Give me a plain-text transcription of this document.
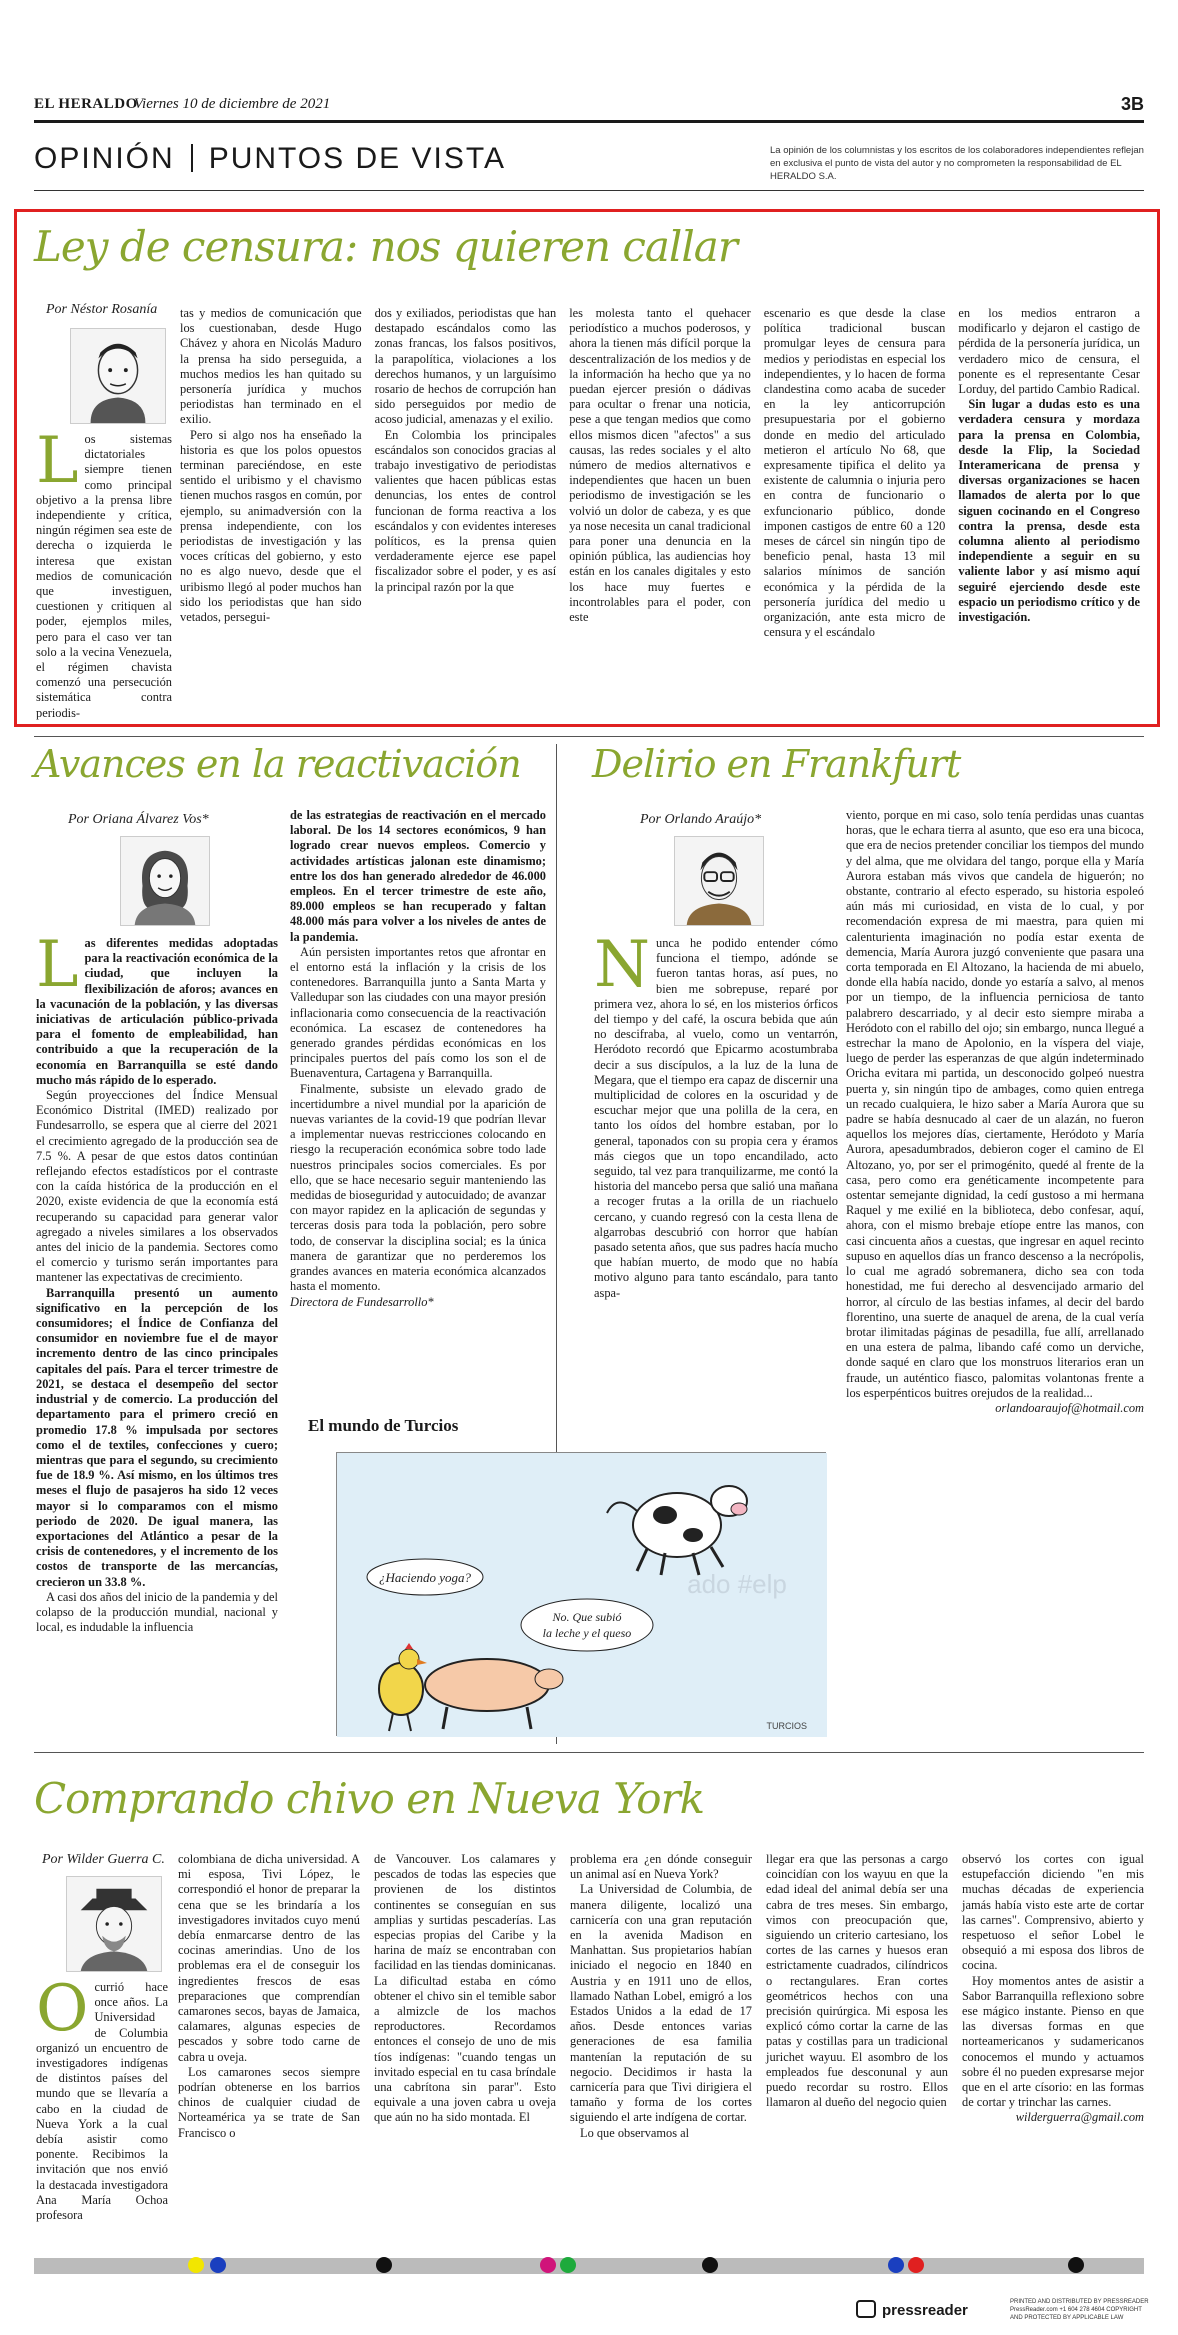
EL HERALDO
Viernes 10 de diciembre de 2021	3B
OPINIÓN PUNTOS DE VISTA	La opinión de los columnistas y los escritos de los colaboradores independientes reflejan en exclusiva el punto de vista del autor y no comprometen la responsabilidad de EL HERALDO S.A.
Ley de censura: nos quieren callar
Por Néstor Rosanía
L os sistemas dictatoriales siempre tienen como principal objetivo a la prensa libre independiente y crítica, ningún régimen sea este de derecha o izquierda le interesa que existan medios de comunicación que investiguen, cuestionen y critiquen al poder, ejemplos miles, pero para el caso ver tan solo a la vecina Venezuela, el régimen chavista comenzó una persecución sistemática contra periodis-

tas y medios de comunicación que los cuestionaban, desde Hugo Chávez y ahora en Nicolás Maduro la prensa ha sido perseguida, a muchos medios les han quitado su personería jurídica y muchos periodistas han terminado en el exilio.

Pero si algo nos ha enseñado la historia es que los polos opuestos terminan pareciéndose, en este sentido el uribismo y el chavismo tienen muchos rasgos en común, por ejemplo, su animadversión con la prensa independiente, con los periodistas de investigación y las voces críticas del gobierno, y esto no es algo nuevo, desde que el uribismo llegó al poder muchos han sido los periodistas que han sido vetados, persegui-

dos y exiliados, periodistas que han destapado escándalos como las zonas francas, los falsos positivos, la parapolítica, violaciones a los derechos humanos, y un larguísimo rosario de hechos de corrupción han sido perseguidos por medio de acoso judicial, amenazas y el exilio.

En Colombia los principales escándalos son conocidos gracias al trabajo investigativo de periodistas valientes que hacen públicas estas denuncias, los entes de control funcionan de forma reactiva a los escándalos y con evidentes intereses políticos, es la prensa quien verdaderamente ejerce ese papel fiscalizador sobre el poder, y es así la principal razón por la que

les molesta tanto el quehacer periodístico a muchos poderosos, y ahora la tienen más difícil porque la descentralización de los medios y de la información ha hecho que ya no puedan ejercer presión o dádivas para ocultar o frenar una noticia, pese a que tengan medios que como ellos mismos dicen "afectos" a sus causas, las redes sociales y el alto número de medios alternativos e independientes que hacen un buen periodismo de investigación se les volvió un dolor de cabeza, y es que ya nose necesita un canal tradicional para poner una denuncia en la opinión pública, las audiencias hoy están en los canales digitales y esto los hace muy fuertes e incontrolables para el poder, con este

escenario es que desde la clase política tradicional buscan promulgar leyes de censura para medios y periodistas en especial los independientes, y lo hacen de forma clandestina como acaba de suceder en la ley anticorrupción presupuestaria por el gobierno donde en medio del articulado metieron el artículo No 68, que expresamente tipifica el delito ya existente de calumnia o injuria pero en contra de funcionario o exfuncionario público, donde imponen castigos de entre 60 a 120 meses de cárcel sin ningún tipo de beneficio penal, hasta 13 mil salarios mínimos de sanción económica y la pérdida de la personería jurídica del medio u organización, ante esta micro de censura y el escándalo

en los medios entraron a modificarlo y dejaron el castigo de pérdida de la personería jurídica, un verdadero mico de censura, el ponente es el representante Cesar Lorduy, del partido Cambio Radical.

Sin lugar a dudas esto es una verdadera censura y mordaza para la prensa en Colombia, desde la Flip, la Sociedad Interamericana de prensa y diversas organizaciones se hacen llamados de alerta por lo que siguen cocinando en el Congreso contra la prensa, desde esta columna aliento al periodismo independiente a seguir en su valiente labor y así mismo aquí seguiré ejerciendo desde este espacio un periodismo crítico y de investigación.

Avances en la reactivación
Por Oriana Álvarez Vos*
L as diferentes medidas adoptadas para la reactivación económica de la ciudad, que incluyen la flexibilización de aforos; avances en la vacunación de la población, y las diversas iniciativas de articulación público-privada para el fomento de empleabilidad, han contribuido a que la recuperación de la economía en Barranquilla se esté dando mucho más rápido de lo esperado.

Según proyecciones del Índice Mensual Económico Distrital (IMED) realizado por Fundesarrollo, se espera que al cierre del 2021 el crecimiento agregado de la producción sea de 7.5 %. A pesar de que estos datos continúan reflejando efectos estadísticos por el contraste con la caída histórica de la producción en el 2020, existe evidencia de que la economía está recuperando su capacidad para generar valor agregado a niveles similares a los observados antes del inicio de la pandemia. Sectores como el comercio y turismo serán importantes para mantener las expectativas de crecimiento.

Barranquilla presentó un aumento significativo en la percepción de los consumidores; el Índice de Confianza del consumidor en noviembre fue el de mayor incremento dentro de las cinco principales capitales del país. Para el tercer trimestre de 2021, se destaca el desempeño del sector industrial y de comercio. La producción del departamento para el primero creció en promedio 17.8 % impulsada por sectores como el de textiles, confecciones y cuero; mientras que para el segundo, su crecimiento fue de 18.9 %. Así mismo, en los últimos tres meses el flujo de pasajeros ha sido 12 veces mayor si lo comparamos con el mismo periodo de 2020. De igual manera, las exportaciones del Atlántico a pesar de la crisis de contenedores, y el incremento de los costos de transporte de las mercancías, crecieron un 33.8 %.

A casi dos años del inicio de la pandemia y del colapso de la producción mundial, nacional y local, es indudable la influencia

de las estrategias de reactivación en el mercado laboral. De los 14 sectores económicos, 9 han logrado crear nuevos empleos. Comercio y actividades artísticas jalonan este dinamismo; entre los dos han generado alrededor de 46.000 empleos. En el tercer trimestre de este año, 89.000 empleos se han recuperado y faltan 48.000 más para volver a los niveles de antes de la pandemia.

Aún persisten importantes retos que afrontar en el entorno está la inflación y la crisis de los contenedores. Barranquilla junto a Santa Marta y Valledupar son las ciudades con una mayor presión inflacionaria como consecuencia de la reactivación económica. La escasez de contenedores ha generado grandes pérdidas económicas en los principales puertos del país como los son el de Buenaventura, Cartagena y Barranquilla.

Finalmente, subsiste un elevado grado de incertidumbre a nivel mundial por la aparición de nuevas variantes de la covid-19 que podrían llevar a implementar nuevas restricciones colocando en riesgo la recuperación económica sobre todo lade nuestros principales socios comerciales. Es por ello, que se hace necesario seguir manteniendo las medidas de bioseguridad y autocuidado; de avanzar con mayor rapidez en la aplicación de segundas y terceras dosis para toda la población, pero sobre todo, de conservar la disciplina social; es la única manera de garantizar que no perderemos los grandes avances en materia económica alcanzados hasta el momento.

Directora de Fundesarrollo*

Delirio en Frankfurt
Por Orlando Araújo*
N unca he podido entender cómo funciona el tiempo, adónde se fueron tantas horas, así pues, no bien me sobrepuse, reparé por primera vez, ahora lo sé, en los misterios órficos del tiempo y del café, la oscura bebida que aún no descifraba, al vuelo, como un ventarrón, Heródoto recordó que Epicarmo acostumbraba decir a sus discípulos, a la luz de la luna de Megara, que el tiempo era capaz de discernir una multiplicidad de colores en la oscuridad y de escuchar mejor que una polilla de la cera, en tanto los oídos del hombre estaban, por lo general, taponados con su propia cera y éramos más ciegos que un topo encandilado, acto seguido, tal vez para tranquilizarme, me contó la historia del mancebo persa que salió una mañana a recoger frutas a la orilla de un riachuelo cercano, y cuando regresó con la cesta llena de algarrobas descubrió con horror que habían pasado setenta años, que sus padres hacía mucho que habían muerto, de modo que no había motivo alguno para tanto escándalo, para tanto aspa-

viento, porque en mi caso, solo tenía perdidas unas cuantas horas, que le echara tierra al asunto, que eso era una bicoca, que era de necios pretender conciliar los tiempos del mundo y del alma, que me olvidara del tango, porque ella y María Aurora estaban más vivos que candela de higuerón; no obstante, contrario al efecto esperado, su historia espoleó aún más mi curiosidad, en vista de lo cual, y por recomendación expresa de mi maestra, para quien mi calenturienta imaginación no podía estar exenta de demencia, María Aurora juzgó conveniente que pasara una corta temporada en El Altozano, la hacienda de mi abuelo, donde ella había nacido, donde yo estaría a salvo, al menos por un tiempo, de la influencia perniciosa de tanto palabrero descarriado, y al decir esto siempre miraba a Heródoto con el rabillo del ojo; sin embargo, nunca llegué a estrechar la mano de Apolonio, en la víspera del viaje, luego de perder las esperanzas de que algún indeterminado Oricha evitara mi partida, un desconocido golpeó nuestra puerta y, sin ningún tipo de ambages, como quien entrega un recado cualquiera, le hizo saber a María Aurora que su padre se había desnucado al caer de un alazán, no fueron aquellos los mejores días, ciertamente, Heródoto y María Aurora, apesadumbrados, debieron coger el camino de El Altozano, yo, por ser el primogénito, quedé al frente de la casa, pero como era genéticamente incompetente para ostentar semejante dignidad, la cedí gustoso a mi hermana Raquel y me exilié en la biblioteca, debo confesar, aquí, ahora, con el mismo brebaje etíope entre las manos, con casi cincuenta años a cuestas, que ingresar en aquel recinto supuso en aquellos días un franco descenso a la necrópolis, lo cual me agradó sobremanera, dicho sea con toda honestidad, me fui derecho al desvencijado armario del horror, al círculo de las bestias infames, al decir del bardo florentino, una suerte de anaquel de arena, de la cual vería brotar ilimitadas páginas de pesadilla, fue allí, arrellanado en una estera de palma, libando café como un derviche, donde saqué en claro que los monstruos literarios eran un fraude, un auténtico fiasco, palomitas volantonas frente a los esperpénticos buitres orejudos de la realidad...

orlandoaraujof@hotmail.com

El mundo de Turcios
¿Haciendo yoga?
No. Que subió
la leche y el queso
TURCIOS
ado #elp
Comprando chivo en Nueva York
Por Wilder Guerra C.
O currió hace once años. La Universidad de Columbia organizó un encuentro de investigadores indígenas de distintos países del mundo que se llevaría a cabo en la ciudad de Nueva York a la cual debía asistir como ponente. Recibimos la invitación que nos envió la destacada investigadora Ana María Ochoa profesora

colombiana de dicha universidad. A mi esposa, Tivi López, le correspondió el honor de preparar la cena que se les brindaría a los investigadores invitados cuyo menú debía enmarcarse dentro de las cocinas amerindias. Uno de los problemas era el de conseguir los ingredientes frescos de esas preparaciones que comprendían camarones secos, bayas de Jamaica, calamares, algunas especies de pescados y sobre todo carne de cabra u oveja.

Los camarones secos siempre podrían obtenerse en los barrios chinos de cualquier ciudad de Norteamérica ya se trate de San Francisco o

de Vancouver. Los calamares y pescados de todas las especies que provienen de los distintos continentes se conseguían en sus amplias y surtidas pescaderías. Las especias propias del Caribe y la harina de maíz se encontraban con facilidad en las tiendas dominicanas. La dificultad estaba en cómo obtener el chivo sin el temible sabor a almizcle de los machos reproductores. Recordamos entonces el consejo de uno de mis tíos indígenas: "cuando tengas un invitado especial en tu casa bríndale una cabrítona sin parar". Esto equivale a una joven cabra u oveja que aún no ha sido montada. El

problema era ¿en dónde conseguir un animal así en Nueva York?

La Universidad de Columbia, de manera diligente, localizó una carnicería con una gran reputación en la avenida Madison en Manhattan. Sus propietarios habían iniciado el negocio en 1840 en Austria y en 1911 uno de ellos, llamado Nathan Lobel, emigró a los Estados Unidos a la edad de 17 años. Desde entonces varias generaciones de esa familia mantenían la reputación de su negocio. Decidimos ir hasta la carnicería para que Tivi dirigiera el tamaño y forma de los cortes siguiendo el arte indígena de cortar.

Lo que observamos al

llegar era que las personas a cargo coincidían con los wayuu en que la edad ideal del animal debía ser una cabra de tres meses. Sin embargo, vimos con preocupación que, siguiendo un criterio cartesiano, los cortes de las carnes y huesos eran estrictamente cuadrados, cilíndricos o rectangulares. Eran cortes geométricos hechos con una precisión quirúrgica. Mi esposa les explicó cómo cortar la carne de las patas y costillas para un tradicional jurichet wayuu. El asombro de los empleados fue desconunal y aun puedo recordar su rostro. Ellos llamaron al dueño del negocio quien

observó los cortes con igual estupefacción diciendo "en mis muchas décadas de experiencia jamás había visto este arte de cortar las carnes". Comprensivo, abierto y respetuoso el señor Lobel le obsequió a mi esposa dos libros de cocina.

Hoy momentos antes de asistir a Sabor Barranquilla reflexiono sobre ese mágico instante. Pienso en que las diversas formas en que norteamericanos y sudamericanos conocemos el mundo y actuamos sobre él no pueden expresarse mejor que en el arte císorio: en las formas de cortar y trinchar las carnes.

wilderguerra@gmail.com

pressreader	PRINTED AND DISTRIBUTED BY PRESSREADER PressReader.com +1 604 278 4604 COPYRIGHT AND PROTECTED BY APPLICABLE LAW
